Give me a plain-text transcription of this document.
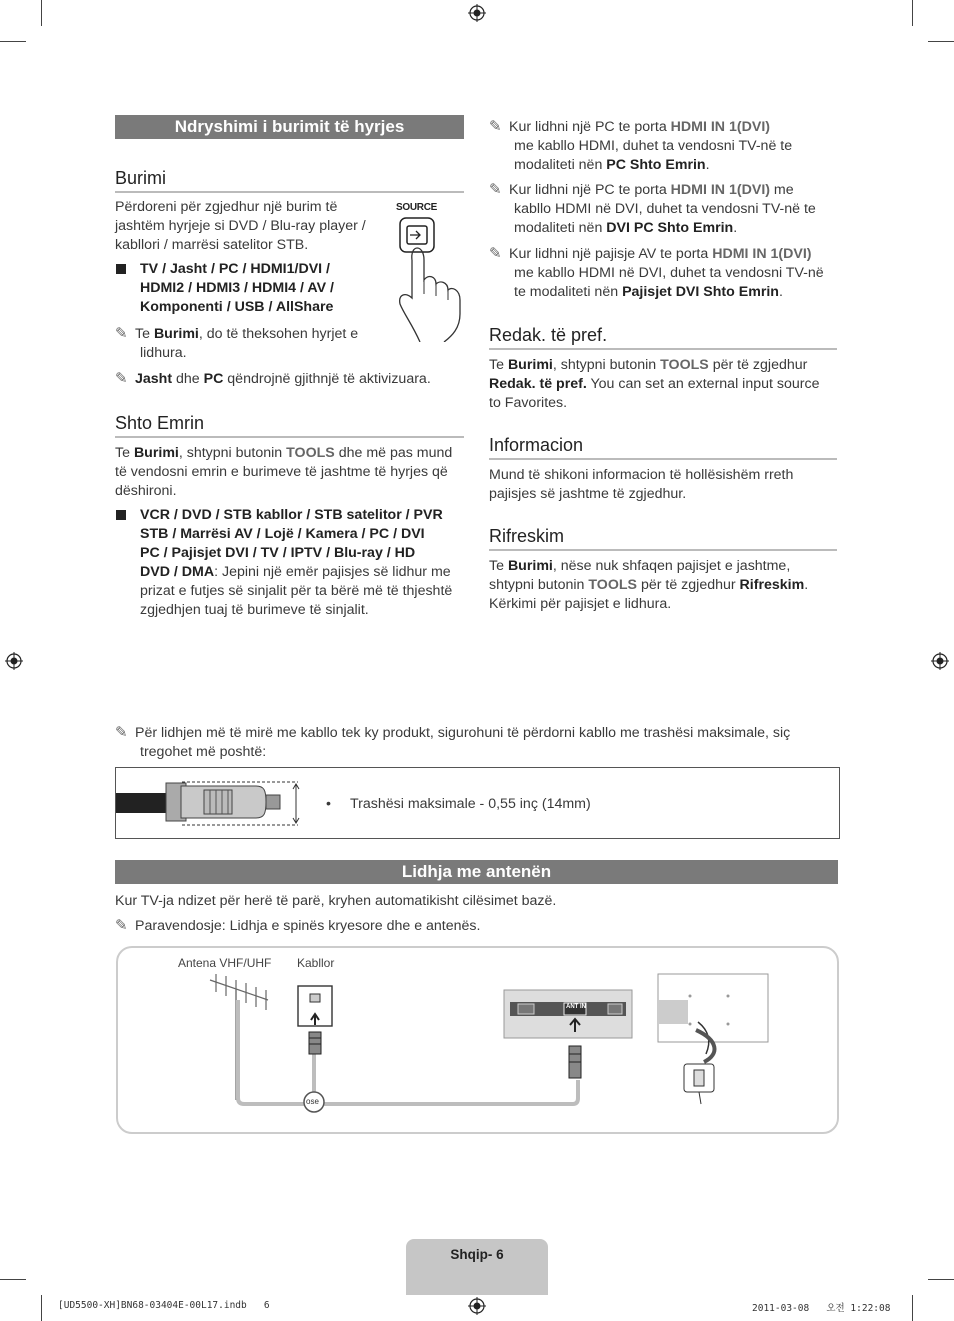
Ndryshimi i burimit të hyrjes
Burimi
Përdoreni për zgjedhur një burim të
jashtëm hyrjeje si DVD / Blu-ray player /
kabllori / marrësi satelitor STB.
SOURCE
TV / Jasht / PC / HDMI1/DVI /
HDMI2 / HDMI3 / HDMI4 / AV /
Komponenti / USB / AllShare
✎ Te Burimi, do të theksohen hyrjet e
lidhura.
✎ Jasht dhe PC qëndrojnë gjithnjë të aktivizuara.
Shto Emrin
Te Burimi, shtypni butonin TOOLS dhe më pas mund
të vendosni emrin e burimeve të jashtme të hyrjes që
dëshironi.
VCR / DVD / STB kabllor / STB satelitor / PVR
STB / Marrësi AV / Lojë / Kamera / PC / DVI
PC / Pajisjet DVI / TV / IPTV / Blu-ray / HD
DVD / DMA: Jepini një emër pajisjes së lidhur me
prizat e futjes së sinjalit për ta bërë më të thjeshtë
zgjedhjen tuaj të burimeve të sinjalit.
✎ Kur lidhni një PC te porta HDMI IN 1(DVI)
me kabllo HDMI, duhet ta vendosni TV-në te
modaliteti nën PC Shto Emrin.
✎ Kur lidhni një PC te porta HDMI IN 1(DVI) me
kabllo HDMI në DVI, duhet ta vendosni TV-në te
modaliteti nën DVI PC Shto Emrin.
✎ Kur lidhni një pajisje AV te porta HDMI IN 1(DVI)
me kabllo HDMI në DVI, duhet ta vendosni TV-në
te modaliteti nën Pajisjet DVI Shto Emrin.
Redak. të pref.
Te Burimi, shtypni butonin TOOLS për të zgjedhur
Redak. të pref. You can set an external input source
to Favorites.
Informacion
Mund të shikoni informacion të hollësishëm rreth
pajisjes së jashtme të zgjedhur.
Rifreskim
Te Burimi, nëse nuk shfaqen pajisjet e jashtme,
shtypni butonin TOOLS për të zgjedhur Rifreskim.
Kërkimi për pajisjet e lidhura.
✎ Për lidhjen më të mirë me kabllo tek ky produkt, sigurohuni të përdorni kabllo me trashësi maksimale, siç
tregohet më poshtë:
• Trashësi maksimale - 0,55 inç (14mm)
Lidhja me antenën
Kur TV-ja ndizet për herë të parë, kryhen automatikisht cilësimet bazë.
✎ Paravendosje: Lidhja e spinës kryesore dhe e antenës.
Antena VHF/UHF Kabllor
ose
ANT IN
Shqip- 6
[UD5500-XH]BN68-03404E-00L17.indb   6	2011-03-08   오전 1:22:08
